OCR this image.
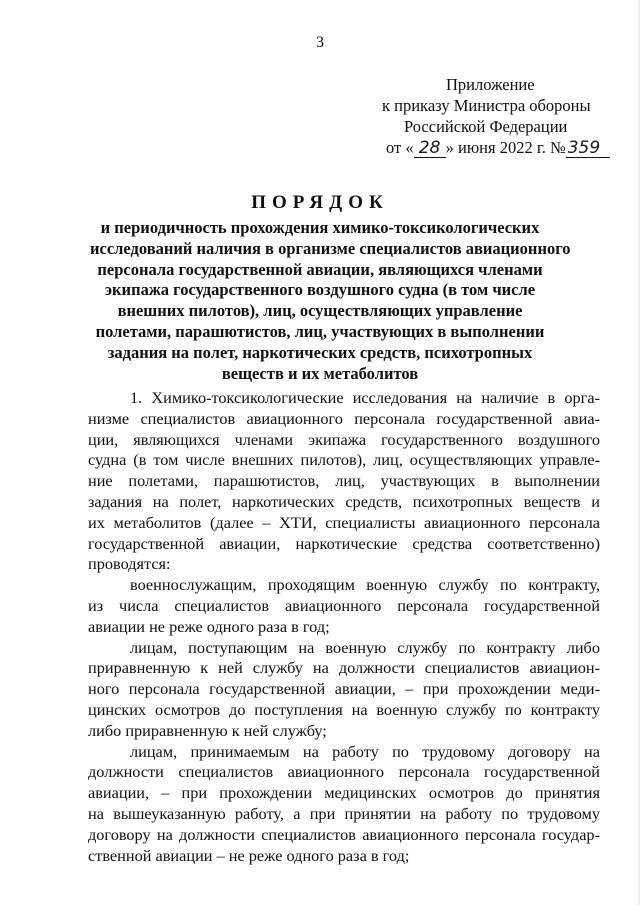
3
Приложение
к приказу Министра обороны
Российской Федерации
от « 28 » июня 2022 г. № 359
ПОРЯДОК
и периодичность прохождения химико-токсикологических
исследований наличия в организме специалистов авиационного
персонала государственной авиации, являющихся членами
экипажа государственного воздушного судна (в том числе
внешних пилотов), лиц, осуществляющих управление
полетами, парашютистов, лиц, участвующих в выполнении
задания на полет, наркотических средств, психотропных
веществ и их метаболитов
1. Химико-токсикологические исследования на наличие в орга-
низме специалистов авиационного персонала государственной авиа-
ции, являющихся членами экипажа государственного воздушного
судна (в том числе внешних пилотов), лиц, осуществляющих управле-
ние полетами, парашютистов, лиц, участвующих в выполнении
задания на полет, наркотических средств, психотропных веществ и
их метаболитов (далее – ХТИ, специалисты авиационного персонала
государственной авиации, наркотические средства соответственно)
проводятся:
военнослужащим, проходящим военную службу по контракту,
из числа специалистов авиационного персонала государственной
авиации не реже одного раза в год;
лицам, поступающим на военную службу по контракту либо
приравненную к ней службу на должности специалистов авиацион-
ного персонала государственной авиации, – при прохождении меди-
цинских осмотров до поступления на военную службу по контракту
либо приравненную к ней службу;
лицам, принимаемым на работу по трудовому договору на
должности специалистов авиационного персонала государственной
авиации, – при прохождении медицинских осмотров до принятия
на вышеуказанную работу, а при принятии на работу по трудовому
договору на должности специалистов авиационного персонала государ-
ственной авиации – не реже одного раза в год;
